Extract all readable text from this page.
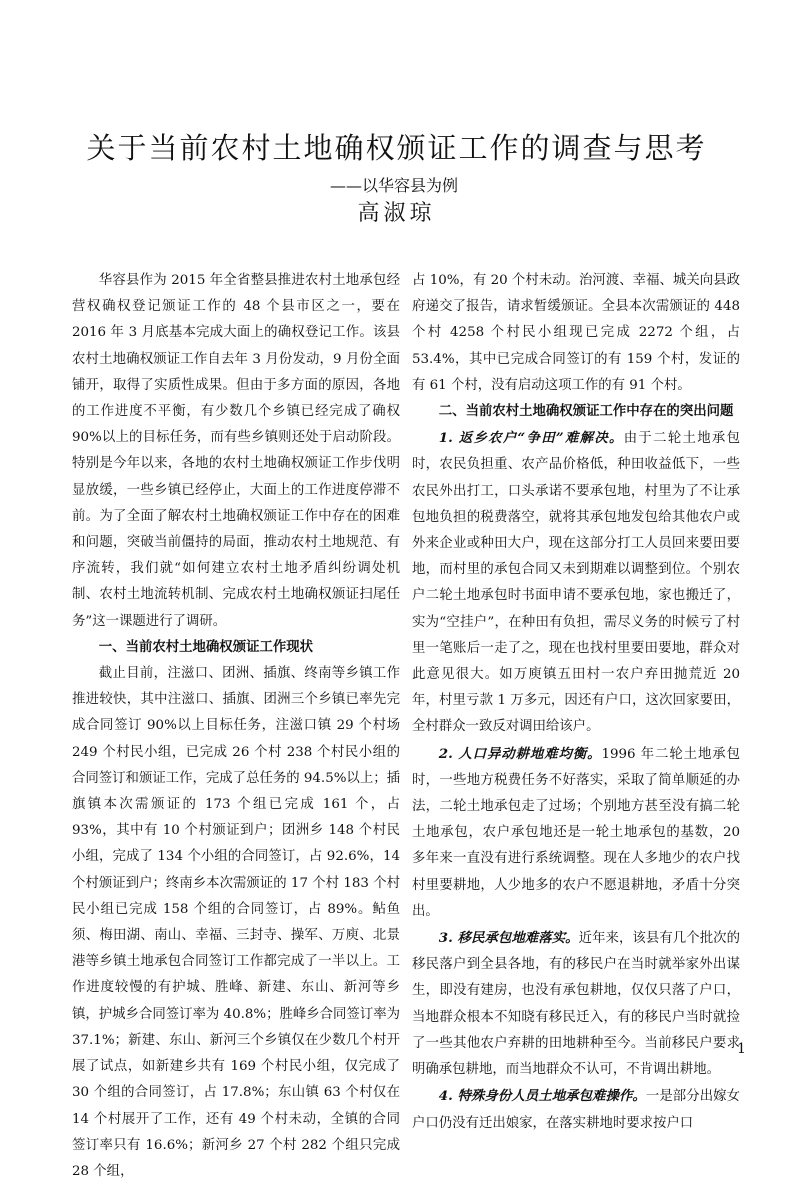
关于当前农村土地确权颁证工作的调查与思考
——以华容县为例
高淑琼

华容县作为 2015 年全省整县推进农村土地承包经营权确权登记颁证工作的 48 个县市区之一，要在 2016 年 3 月底基本完成大面上的确权登记工作。该县农村土地确权颁证工作自去年 3 月份发动，9 月份全面铺开，取得了实质性成果。但由于多方面的原因，各地的工作进度不平衡，有少数几个乡镇已经完成了确权 90%以上的目标任务，而有些乡镇则还处于启动阶段。特别是今年以来，各地的农村土地确权颁证工作步伐明显放缓，一些乡镇已经停止，大面上的工作进度停滞不前。为了全面了解农村土地确权颁证工作中存在的困难和问题，突破当前僵持的局面，推动农村土地规范、有序流转，我们就“如何建立农村土地矛盾纠纷调处机制、农村土地流转机制、完成农村土地确权颁证扫尾任务”这一课题进行了调研。

一、当前农村土地确权颁证工作现状

截止目前，注滋口、团洲、插旗、终南等乡镇工作推进较快，其中注滋口、插旗、团洲三个乡镇已率先完成合同签订 90%以上目标任务，注滋口镇 29 个村场 249 个村民小组，已完成 26 个村 238 个村民小组的合同签订和颁证工作，完成了总任务的 94.5%以上；插旗镇本次需颁证的 173 个组已完成 161 个，占 93%，其中有 10 个村颁证到户；团洲乡 148 个村民小组，完成了 134 个小组的合同签订，占 92.6%，14 个村颁证到户；终南乡本次需颁证的 17 个村 183 个村民小组已完成 158 个组的合同签订，占 89%。鲇鱼须、梅田湖、南山、幸福、三封寺、操军、万庾、北景港等乡镇土地承包合同签订工作都完成了一半以上。工作进度较慢的有护城、胜峰、新建、东山、新河等乡镇，护城乡合同签订率为 40.8%；胜峰乡合同签订率为 37.1%；新建、东山、新河三个乡镇仅在少数几个村开展了试点，如新建乡共有 169 个村民小组，仅完成了 30 个组的合同签订，占 17.8%；东山镇 63 个村仅在 14 个村展开了工作，还有 49 个村未动，全镇的合同签订率只有 16.6%；新河乡 27 个村 282 个组只完成 28 个组，

占 10%，有 20 个村未动。治河渡、幸福、城关向县政府递交了报告，请求暂缓颁证。全县本次需颁证的 448 个村 4258 个村民小组现已完成 2272 个组，占 53.4%，其中已完成合同签订的有 159 个村，发证的有 61 个村，没有启动这项工作的有 91 个村。

二、当前农村土地确权颁证工作中存在的突出问题

1. 返乡农户“争田”难解决。由于二轮土地承包时，农民负担重、农产品价格低，种田收益低下，一些农民外出打工，口头承诺不要承包地，村里为了不让承包地负担的税费落空，就将其承包地发包给其他农户或外来企业或种田大户，现在这部分打工人员回来要田要地，而村里的承包合同又未到期难以调整到位。个别农户二轮土地承包时书面申请不要承包地，家也搬迁了，实为“空挂户”，在种田有负担，需尽义务的时候亏了村里一笔账后一走了之，现在也找村里要田要地，群众对此意见很大。如万庾镇五田村一农户弃田抛荒近 20 年，村里亏款 1 万多元，因还有户口，这次回家要田，全村群众一致反对调田给该户。

2. 人口异动耕地难均衡。1996 年二轮土地承包时，一些地方税费任务不好落实，采取了简单顺延的办法，二轮土地承包走了过场；个别地方甚至没有搞二轮土地承包，农户承包地还是一轮土地承包的基数，20 多年来一直没有进行系统调整。现在人多地少的农户找村里要耕地，人少地多的农户不愿退耕地，矛盾十分突出。

3. 移民承包地难落实。近年来，该县有几个批次的移民落户到全县各地，有的移民户在当时就举家外出谋生，即没有建房，也没有承包耕地，仅仅只落了户口，当地群众根本不知晓有移民迁入，有的移民户当时就捡了一些其他农户弃耕的田地耕种至今。当前移民户要求明确承包耕地，而当地群众不认可，不肯调出耕地。

4. 特殊身份人员土地承包难操作。一是部分出嫁女户口仍没有迁出娘家，在落实耕地时要求按户口

1
